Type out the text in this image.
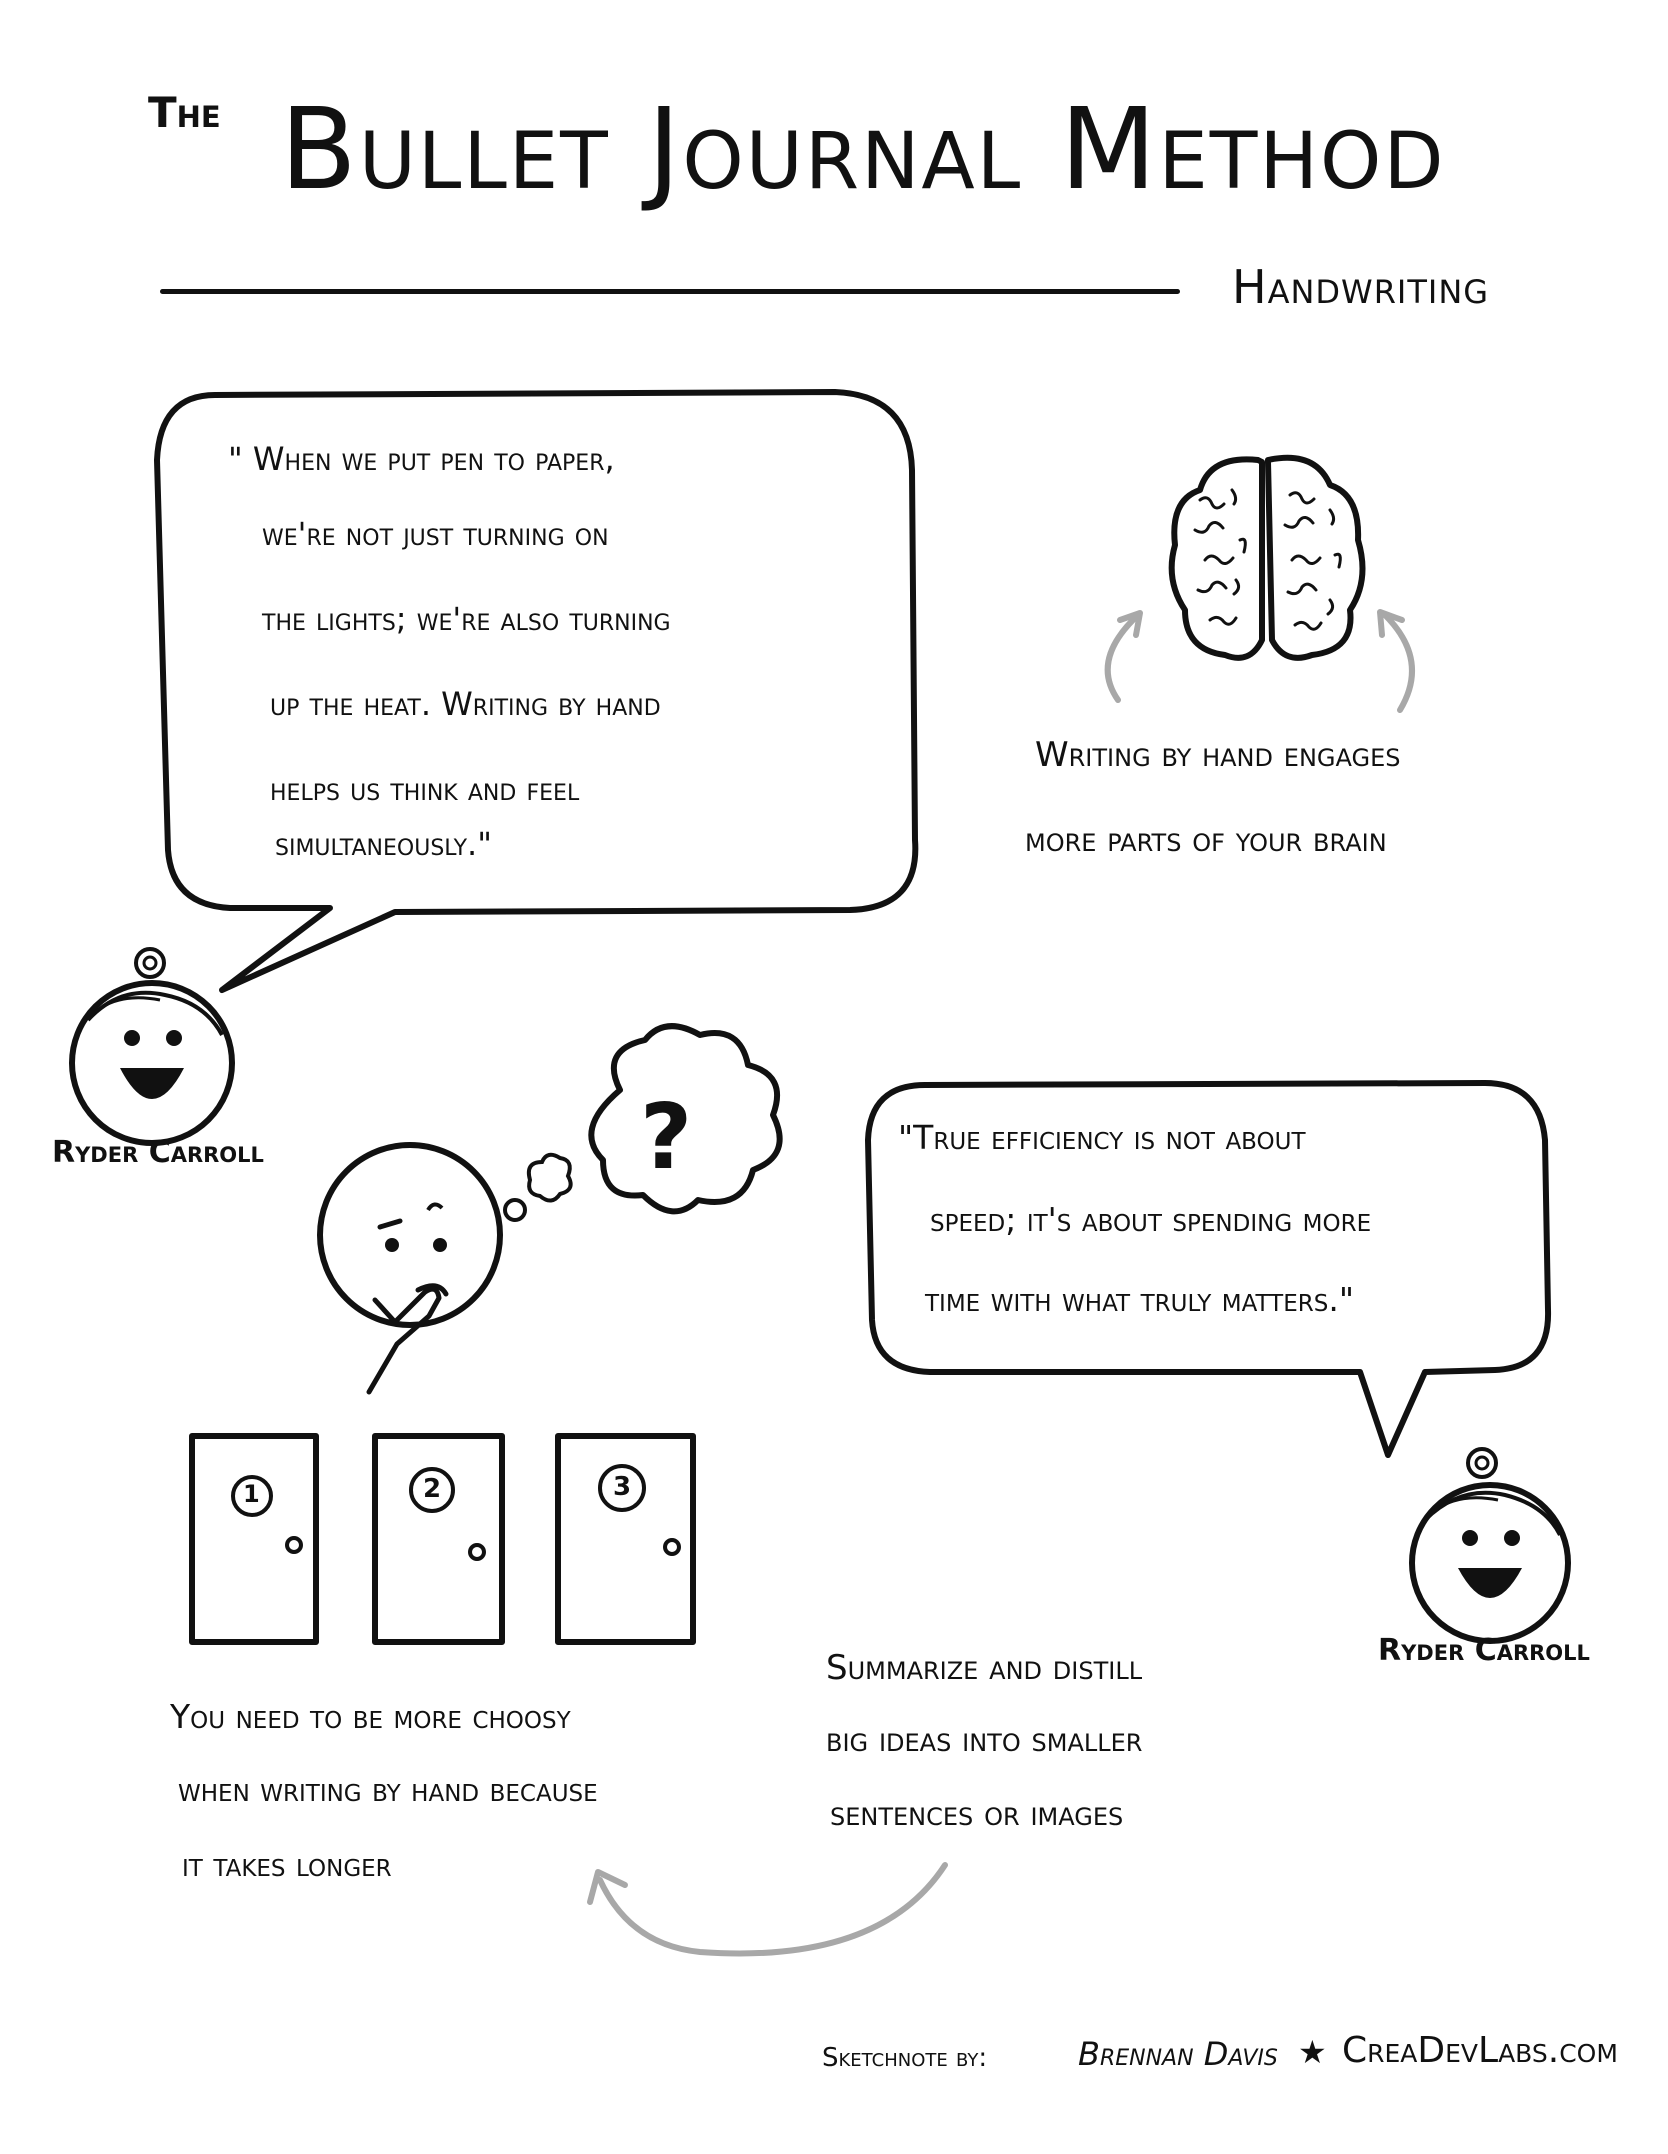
The Bullet Journal Method
Handwriting
" When we put pen to paper,
we're not just turning on
the lights; we're also turning
up the heat. Writing by hand
helps us think and feel
simultaneously."
Ryder Carroll
Writing by hand engages
more parts of your brain
?	"True efficiency is not about
speed; it's about spending more
time with what truly matters."
Ryder Carroll
1	2	3
You need to be more choosy
when writing by hand because
it takes longer
Summarize and distill
big ideas into smaller
sentences or images
Sketchnote by:	Brennan Davis ★ CreaDevLabs.com
